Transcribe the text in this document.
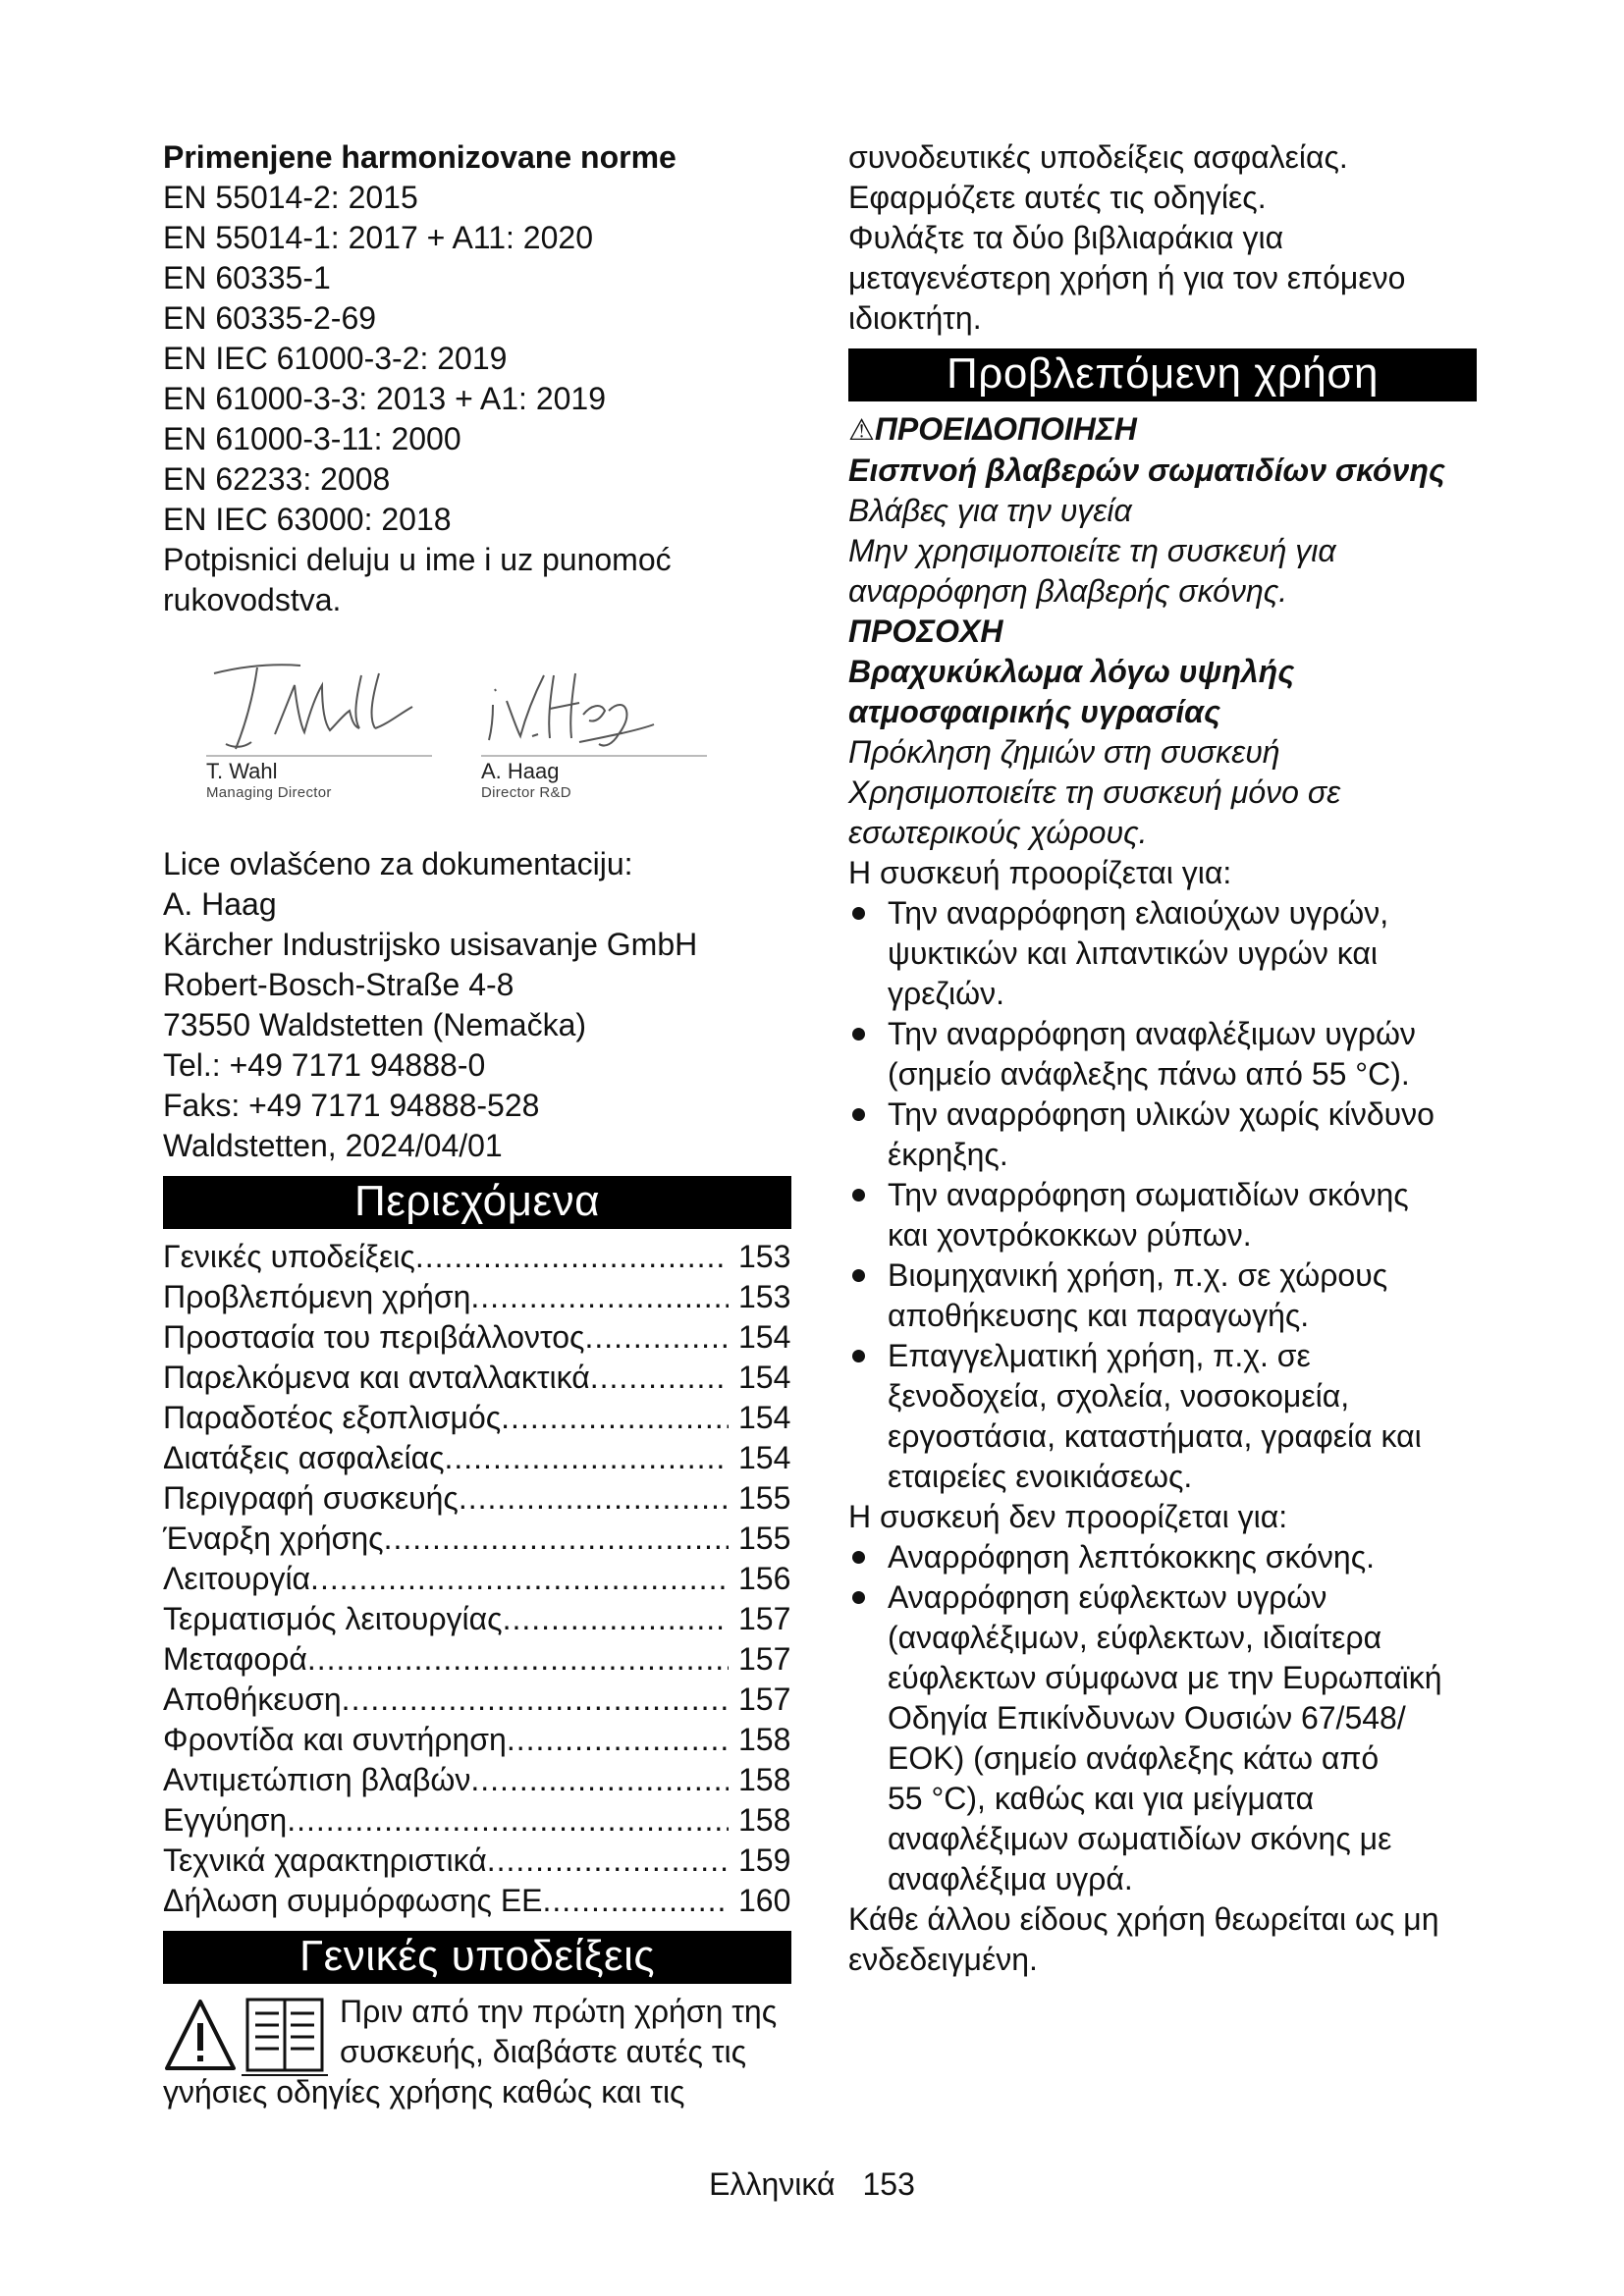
Primenjene harmonizovane norme
EN 55014-2: 2015
EN 55014-1: 2017 + A11: 2020
EN 60335-1
EN 60335-2-69
EN IEC 61000-3-2: 2019
EN 61000-3-3: 2013 + A1: 2019
EN 61000-3-11: 2000
EN 62233: 2008
EN IEC 63000: 2018
Potpisnici deluju u ime i uz punomoć
rukovodstva.
T. Wahl
Managing Director
A. Haag
Director R&D
Lice ovlašćeno za dokumentaciju:
A. Haag
Kärcher Industrijsko usisavanje GmbH
Robert-Bosch-Straße 4-8
73550 Waldstetten (Nemačka)
Tel.: +49 7171 94888-0
Faks: +49 7171 94888-528
Waldstetten, 2024/04/01
Περιεχόμενα
Γενικές υποδείξεις .....	153
Προβλεπόμενη χρήση .....	153
Προστασία του περιβάλλοντος .....	154
Παρελκόμενα και ανταλλακτικά .....	154
Παραδοτέος εξοπλισμός .....	154
Διατάξεις ασφαλείας .....	154
Περιγραφή συσκευής .....	155
Έναρξη χρήσης .....	155
Λειτουργία .....	156
Τερματισμός λειτουργίας .....	157
Μεταφορά .....	157
Αποθήκευση .....	157
Φροντίδα και συντήρηση .....	158
Αντιμετώπιση βλαβών .....	158
Εγγύηση .....	158
Τεχνικά χαρακτηριστικά .....	159
Δήλωση συμμόρφωσης ΕΕ .....	160
Γενικές υποδείξεις
Πριν από την πρώτη χρήση της
συσκευής, διαβάστε αυτές τις
γνήσιες οδηγίες χρήσης καθώς και τις
συνοδευτικές υποδείξεις ασφαλείας.
Εφαρμόζετε αυτές τις οδηγίες.
Φυλάξτε τα δύο βιβλιαράκια για
μεταγενέστερη χρήση ή για τον επόμενο
ιδιοκτήτη.
Προβλεπόμενη χρήση
⚠ΠΡΟΕΙΔΟΠΟΙΗΣΗ
Εισπνοή βλαβερών σωματιδίων σκόνης
Βλάβες για την υγεία
Μην χρησιμοποιείτε τη συσκευή για
αναρρόφηση βλαβερής σκόνης.
ΠΡΟΣΟΧΗ
Βραχυκύκλωμα λόγω υψηλής
ατμοσφαιρικής υγρασίας
Πρόκληση ζημιών στη συσκευή
Χρησιμοποιείτε τη συσκευή μόνο σε
εσωτερικούς χώρους.
Η συσκευή προορίζεται για:
Την αναρρόφηση ελαιούχων υγρών,
ψυκτικών και λιπαντικών υγρών και
γρεζιών.
Την αναρρόφηση αναφλέξιμων υγρών
(σημείο ανάφλεξης πάνω από 55 °C).
Την αναρρόφηση υλικών χωρίς κίνδυνο
έκρηξης.
Την αναρρόφηση σωματιδίων σκόνης
και χοντρόκοκκων ρύπων.
Βιομηχανική χρήση, π.χ. σε χώρους
αποθήκευσης και παραγωγής.
Επαγγελματική χρήση, π.χ. σε
ξενοδοχεία, σχολεία, νοσοκομεία,
εργοστάσια, καταστήματα, γραφεία και
εταιρείες ενοικιάσεως.
Η συσκευή δεν προορίζεται για:
Αναρρόφηση λεπτόκοκκης σκόνης.
Αναρρόφηση εύφλεκτων υγρών
(αναφλέξιμων, εύφλεκτων, ιδιαίτερα
εύφλεκτων σύμφωνα με την Ευρωπαϊκή
Οδηγία Επικίνδυνων Ουσιών 67/548/
ΕΟΚ) (σημείο ανάφλεξης κάτω από
55 °C), καθώς και για μείγματα
αναφλέξιμων σωματιδίων σκόνης με
αναφλέξιμα υγρά.
Κάθε άλλου είδους χρήση θεωρείται ως μη
ενδεδειγμένη.
Ελληνικά 153
